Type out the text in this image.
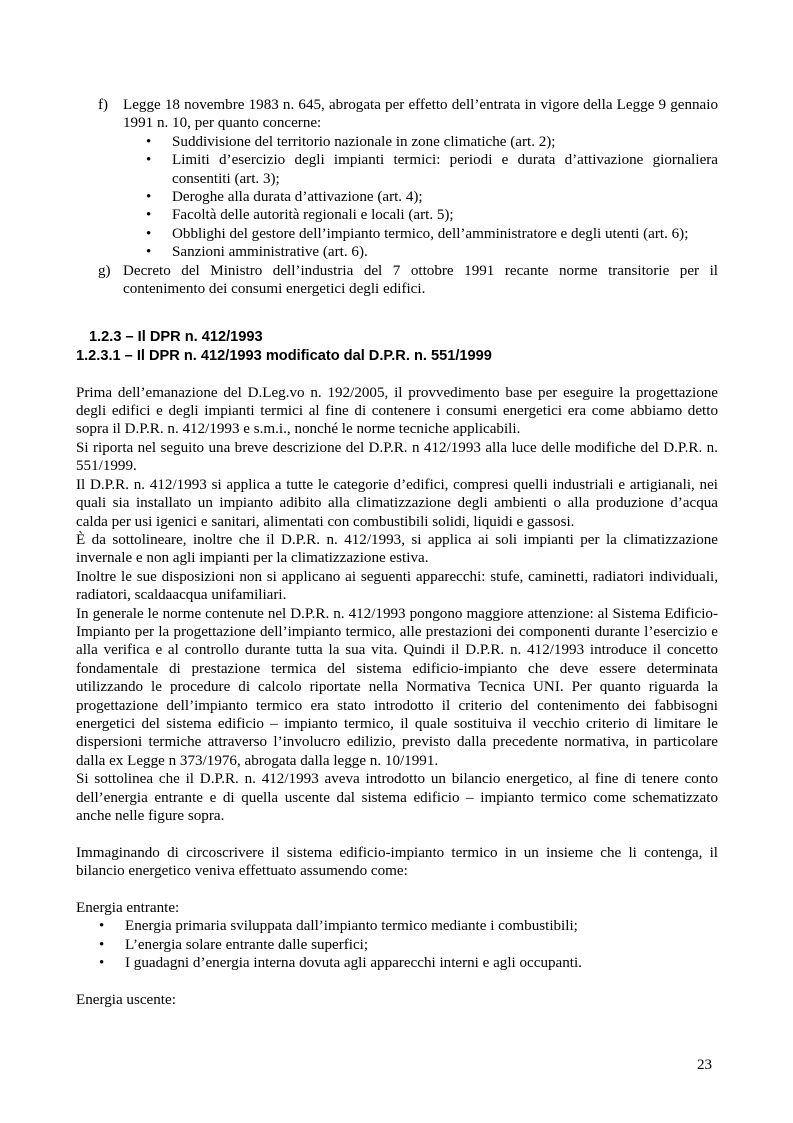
f) Legge 18 novembre 1983 n. 645, abrogata per effetto dell’entrata in vigore della Legge 9 gennaio 1991 n. 10, per quanto concerne:
• Suddivisione del territorio nazionale in zone climatiche (art. 2);
• Limiti d’esercizio degli impianti termici: periodi e durata d’attivazione giornaliera consentiti (art. 3);
• Deroghe alla durata d’attivazione (art. 4);
• Facoltà delle autorità regionali e locali (art. 5);
• Obblighi del gestore dell’impianto termico, dell’amministratore e degli utenti (art. 6);
• Sanzioni amministrative (art. 6).
g) Decreto del Ministro dell’industria del 7 ottobre 1991 recante norme transitorie per il contenimento dei consumi energetici degli edifici.
1.2.3 – Il DPR n. 412/1993
1.2.3.1 – Il DPR n. 412/1993 modificato dal D.P.R. n. 551/1999
Prima dell’emanazione del D.Leg.vo n. 192/2005, il provvedimento base per eseguire la progettazione degli edifici e degli impianti termici al fine di contenere i consumi energetici era come abbiamo detto sopra il D.P.R. n. 412/1993 e s.m.i., nonché le norme tecniche applicabili.
Si riporta nel seguito una breve descrizione del D.P.R. n 412/1993 alla luce delle modifiche del D.P.R. n. 551/1999.
Il D.P.R. n. 412/1993 si applica a tutte le categorie d’edifici, compresi quelli industriali e artigianali, nei quali sia installato un impianto adibito alla climatizzazione degli ambienti o alla produzione d’acqua calda per usi igenici e sanitari, alimentati con combustibili solidi, liquidi e gassosi.
È da sottolineare, inoltre che il D.P.R. n. 412/1993, si applica ai soli impianti per la climatizzazione invernale e non agli impianti per la climatizzazione estiva.
Inoltre le sue disposizioni non si applicano ai seguenti apparecchi: stufe, caminetti, radiatori individuali, radiatori, scaldaacqua unifamiliari.
In generale le norme contenute nel D.P.R. n. 412/1993 pongono maggiore attenzione: al Sistema Edificio-Impianto per la progettazione dell’impianto termico, alle prestazioni dei componenti durante l’esercizio e alla verifica e al controllo durante tutta la sua vita. Quindi il D.P.R. n. 412/1993 introduce il concetto fondamentale di prestazione termica del sistema edificio-impianto che deve essere determinata utilizzando le procedure di calcolo riportate nella Normativa Tecnica UNI. Per quanto riguarda la progettazione dell’impianto termico era stato introdotto il criterio del contenimento dei fabbisogni energetici del sistema edificio – impianto termico, il quale sostituiva il vecchio criterio di limitare le dispersioni termiche attraverso l’involucro edilizio, previsto dalla precedente normativa, in particolare dalla ex Legge n 373/1976, abrogata dalla legge n. 10/1991.
Si sottolinea che il D.P.R. n. 412/1993 aveva introdotto un bilancio energetico, al fine di tenere conto dell’energia entrante e di quella uscente dal sistema edificio – impianto termico come schematizzato anche nelle figure sopra.
Immaginando di circoscrivere il sistema edificio-impianto termico in un insieme che li contenga, il bilancio energetico veniva effettuato assumendo come:
Energia entrante:
• Energia primaria sviluppata dall’impianto termico mediante i combustibili;
• L’energia solare entrante dalle superfici;
• I guadagni d’energia interna dovuta agli apparecchi interni e agli occupanti.
Energia uscente:
23
